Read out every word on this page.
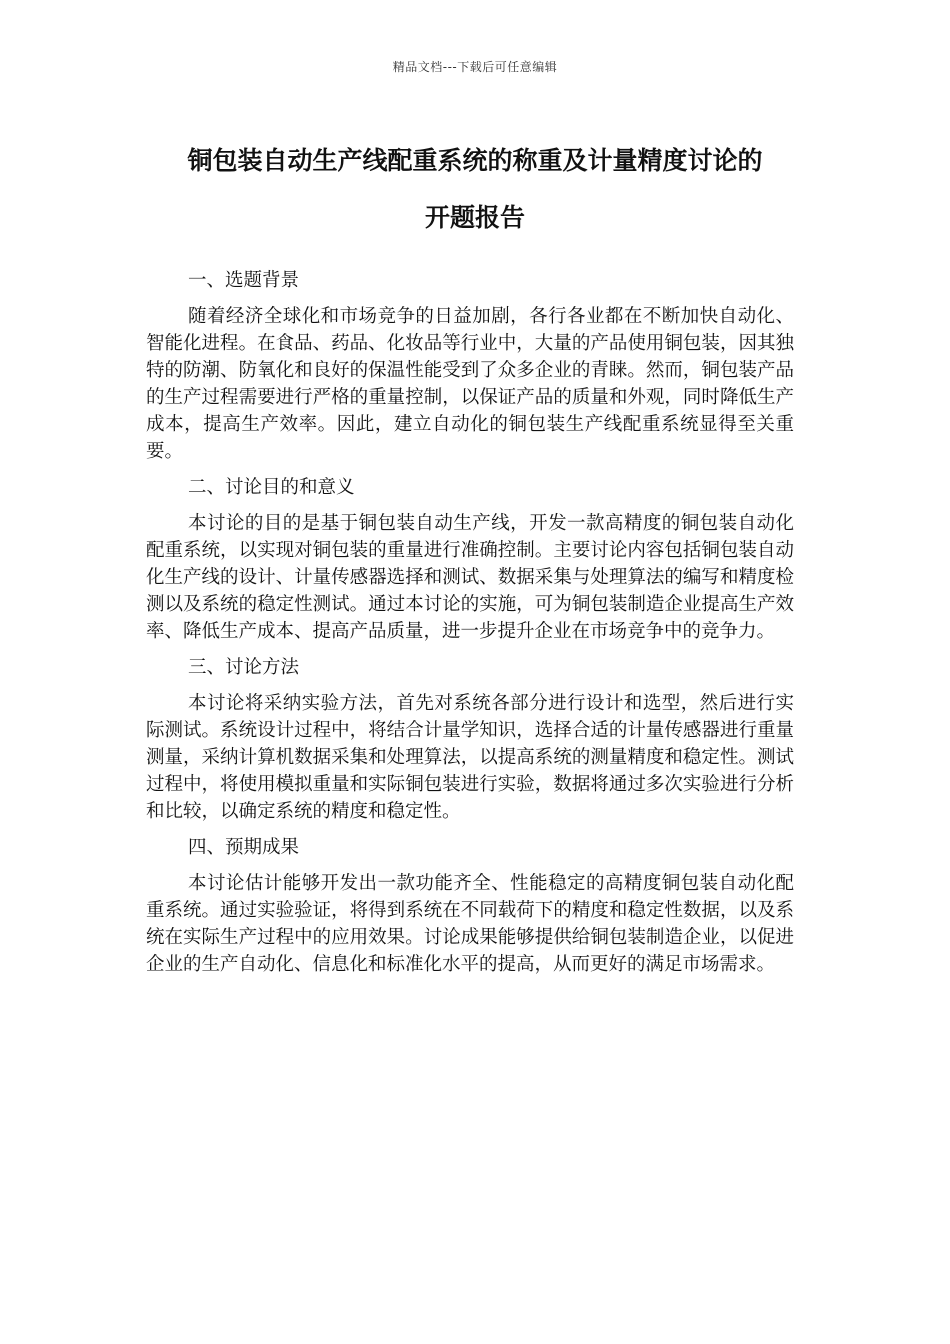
精品文档---下载后可任意编辑
铜包装自动生产线配重系统的称重及计量精度讨论的
开题报告
一、选题背景
随着经济全球化和市场竞争的日益加剧，各行各业都在不断加快自动化、智能化进程。在食品、药品、化妆品等行业中，大量的产品使用铜包装，因其独特的防潮、防氧化和良好的保温性能受到了众多企业的青睐。然而，铜包装产品的生产过程需要进行严格的重量控制，以保证产品的质量和外观，同时降低生产成本，提高生产效率。因此，建立自动化的铜包装生产线配重系统显得至关重要。
二、讨论目的和意义
本讨论的目的是基于铜包装自动生产线，开发一款高精度的铜包装自动化配重系统，以实现对铜包装的重量进行准确控制。主要讨论内容包括铜包装自动化生产线的设计、计量传感器选择和测试、数据采集与处理算法的编写和精度检测以及系统的稳定性测试。通过本讨论的实施，可为铜包装制造企业提高生产效率、降低生产成本、提高产品质量，进一步提升企业在市场竞争中的竞争力。
三、讨论方法
本讨论将采纳实验方法，首先对系统各部分进行设计和选型，然后进行实际测试。系统设计过程中，将结合计量学知识，选择合适的计量传感器进行重量测量，采纳计算机数据采集和处理算法，以提高系统的测量精度和稳定性。测试过程中，将使用模拟重量和实际铜包装进行实验，数据将通过多次实验进行分析和比较，以确定系统的精度和稳定性。
四、预期成果
本讨论估计能够开发出一款功能齐全、性能稳定的高精度铜包装自动化配重系统。通过实验验证，将得到系统在不同载荷下的精度和稳定性数据，以及系统在实际生产过程中的应用效果。讨论成果能够提供给铜包装制造企业，以促进企业的生产自动化、信息化和标准化水平的提高，从而更好的满足市场需求。
